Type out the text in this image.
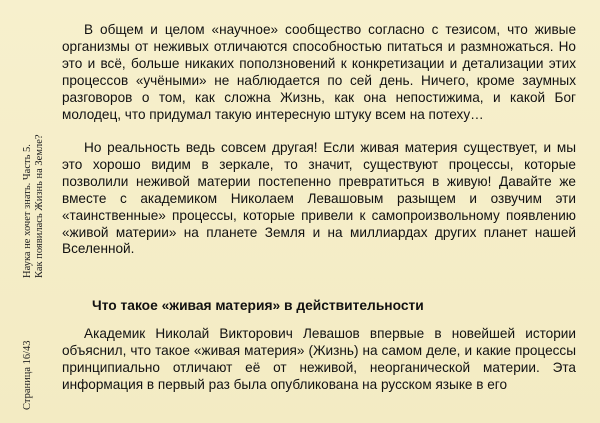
Наука не хочет знать. Часть 5. Как появилась Жизнь на Земле?
Страница 16/43

В общем и целом «научное» сообщество согласно с тезисом, что живые организмы от неживых отличаются способностью питаться и размножаться. Но это и всё, больше никаких поползновений к конкретизации и детализации этих процессов «учёными» не наблюдается по сей день. Ничего, кроме заумных разговоров о том, как сложна Жизнь, как она непостижима, и какой Бог молодец, что придумал такую интересную штуку всем на потеху…

Но реальность ведь совсем другая! Если живая материя существует, и мы это хорошо видим в зеркале, то значит, существуют процессы, которые позволили неживой материи постепенно превратиться в живую! Давайте же вместе с академиком Николаем Левашовым разыщем и озвучим эти «таинственные» процессы, которые привели к самопроизвольному появлению «живой материи» на планете Земля и на миллиардах других планет нашей Вселенной.

Что такое «живая материя» в действительности

Академик Николай Викторович Левашов впервые в новейшей истории объяснил, что такое «живая материя» (Жизнь) на самом деле, и какие процессы принципиально отличают её от неживой, неорганической материи. Эта информация в первый раз была опубликована на русском языке в его
